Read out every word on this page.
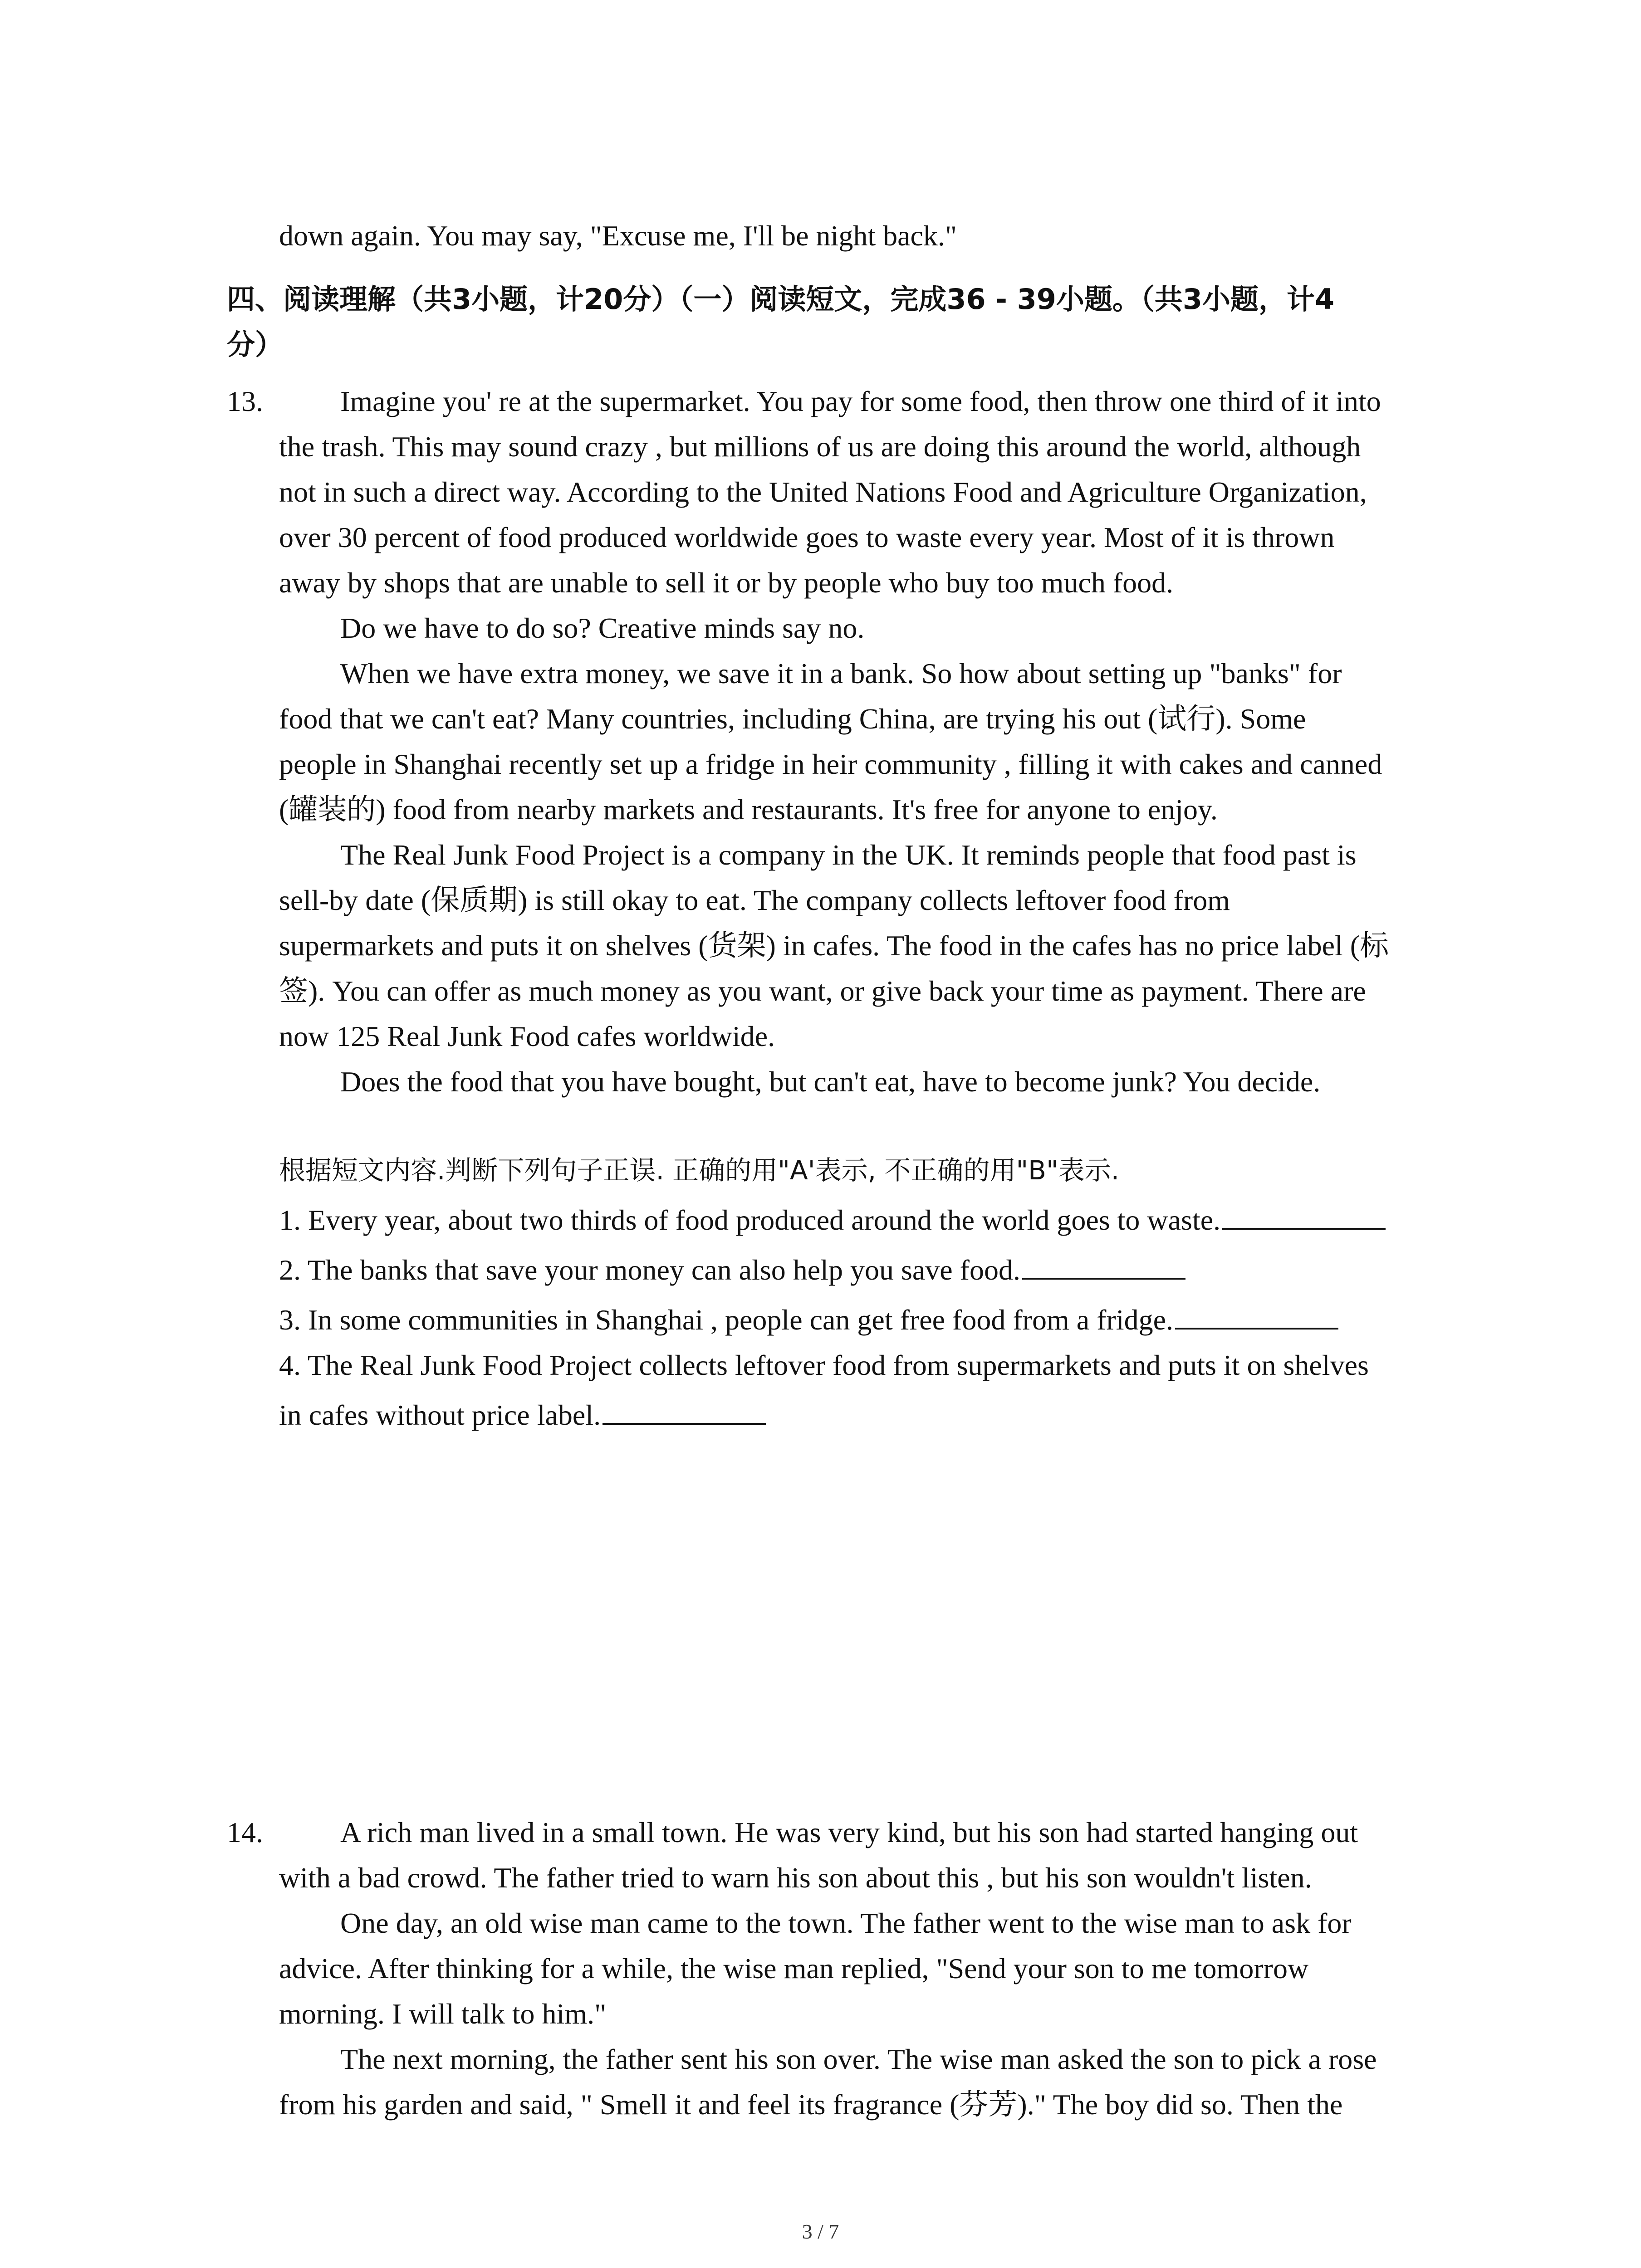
down again. You may say, "Excuse me, I'll be night back."
四、阅读理解（共3小题，计20分）（一）阅读短文，完成36 - 39小题。（共3小题，计4
分）
13.	Imagine you' re at the supermarket. You pay for some food, then throw one third of it into
the trash. This may sound crazy , but millions of us are doing this around the world, although
not in such a direct way. According to the United Nations Food and Agriculture Organization,
over 30 percent of food produced worldwide goes to waste every year. Most of it is thrown
away by shops that are unable to sell it or by people who buy too much food.
Do we have to do so? Creative minds say no.
When we have extra money, we save it in a bank. So how about setting up "banks" for
food that we can't eat? Many countries, including China, are trying his out (试行). Some
people in Shanghai recently set up a fridge in heir community , filling it with cakes and canned
(罐装的) food from nearby markets and restaurants. It's free for anyone to enjoy.
The Real Junk Food Project is a company in the UK. It reminds people that food past is
sell-by date (保质期) is still okay to eat. The company collects leftover food from
supermarkets and puts it on shelves (货架) in cafes. The food in the cafes has no price label (标
签). You can offer as much money as you want, or give back your time as payment. There are
now 125 Real Junk Food cafes worldwide.
Does the food that you have bought, but can't eat, have to become junk? You decide.
根据短文内容.判断下列句子正误. 正确的用"A'表示, 不正确的用"B"表示.
1. Every year, about two thirds of food produced around the world goes to waste.
2. The banks that save your money can also help you save food.
3. In some communities in Shanghai , people can get free food from a fridge.
4. The Real Junk Food Project collects leftover food from supermarkets and puts it on shelves
in cafes without price label.
14.	A rich man lived in a small town. He was very kind, but his son had started hanging out
with a bad crowd. The father tried to warn his son about this , but his son wouldn't listen.
One day, an old wise man came to the town. The father went to the wise man to ask for
advice. After thinking for a while, the wise man replied, "Send your son to me tomorrow
morning. I will talk to him."
The next morning, the father sent his son over. The wise man asked the son to pick a rose
from his garden and said, " Smell it and feel its fragrance (芬芳)." The boy did so. Then the
3 / 7
